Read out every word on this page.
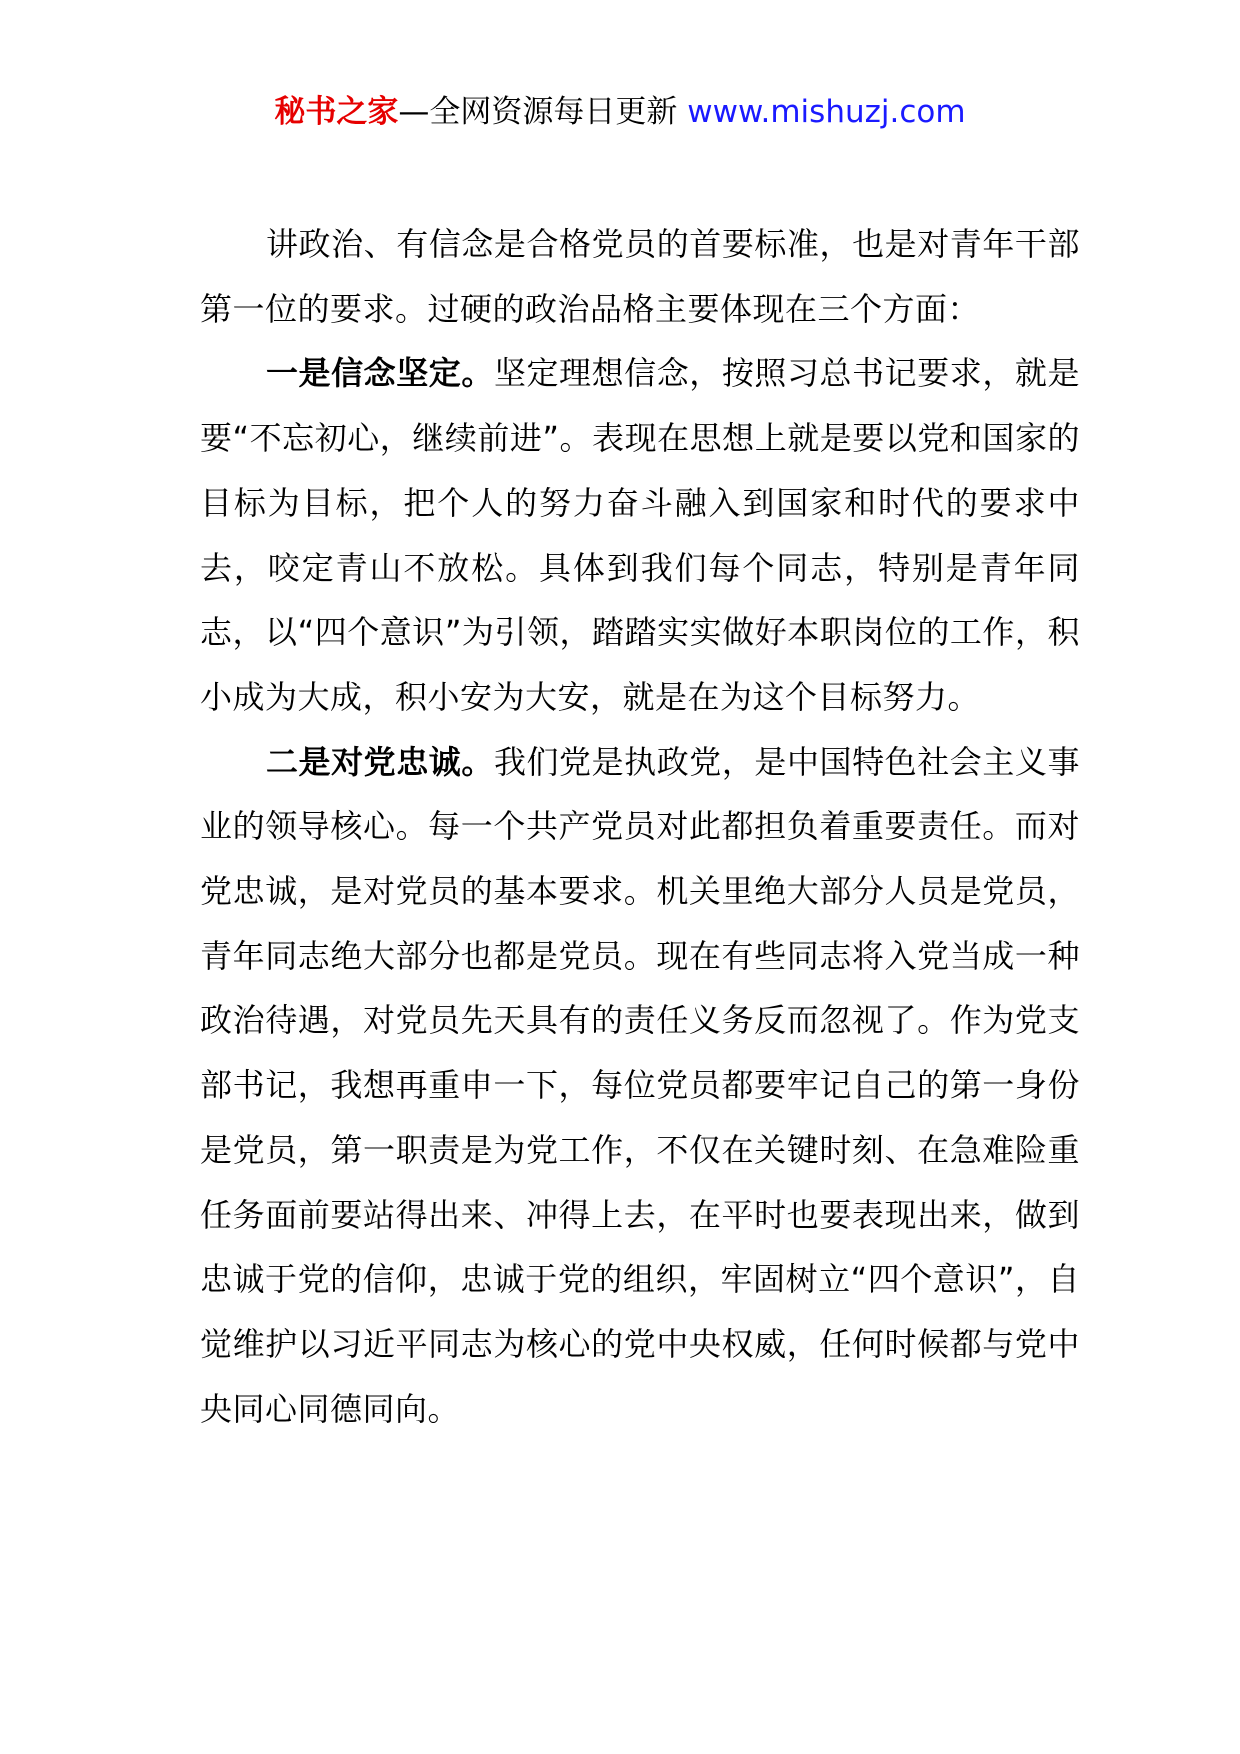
秘书之家—全网资源每日更新 www.mishuzj.com

讲政治、有信念是合格党员的首要标准，也是对青年干部第一位的要求。过硬的政治品格主要体现在三个方面：

一是信念坚定。坚定理想信念，按照习总书记要求，就是要“不忘初心，继续前进”。表现在思想上就是要以党和国家的目标为目标，把个人的努力奋斗融入到国家和时代的要求中去，咬定青山不放松。具体到我们每个同志，特别是青年同志，以“四个意识”为引领，踏踏实实做好本职岗位的工作，积小成为大成，积小安为大安，就是在为这个目标努力。

二是对党忠诚。我们党是执政党，是中国特色社会主义事业的领导核心。每一个共产党员对此都担负着重要责任。而对党忠诚，是对党员的基本要求。机关里绝大部分人员是党员，青年同志绝大部分也都是党员。现在有些同志将入党当成一种政治待遇，对党员先天具有的责任义务反而忽视了。作为党支部书记，我想再重申一下，每位党员都要牢记自己的第一身份是党员，第一职责是为党工作，不仅在关键时刻、在急难险重任务面前要站得出来、冲得上去，在平时也要表现出来，做到忠诚于党的信仰，忠诚于党的组织，牢固树立“四个意识”，自觉维护以习近平同志为核心的党中央权威，任何时候都与党中央同心同德同向。
